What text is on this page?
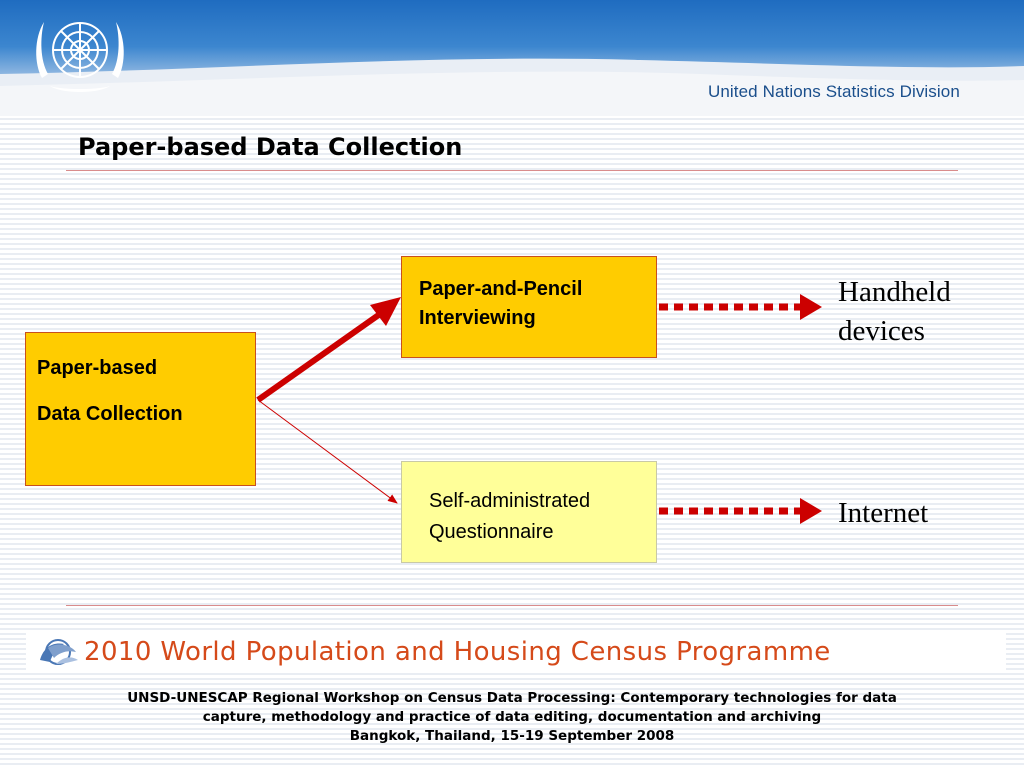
United Nations Statistics Division
Paper-based Data Collection
Paper-based
Data Collection
Paper-and-Pencil
Interviewing
Self-administrated
Questionnaire
Handheld
devices
Internet
2010 World Population and Housing Census Programme
UNSD-UNESCAP Regional Workshop on Census Data Processing: Contemporary technologies for data
capture, methodology and practice of data editing, documentation and archiving
Bangkok, Thailand, 15-19 September 2008
